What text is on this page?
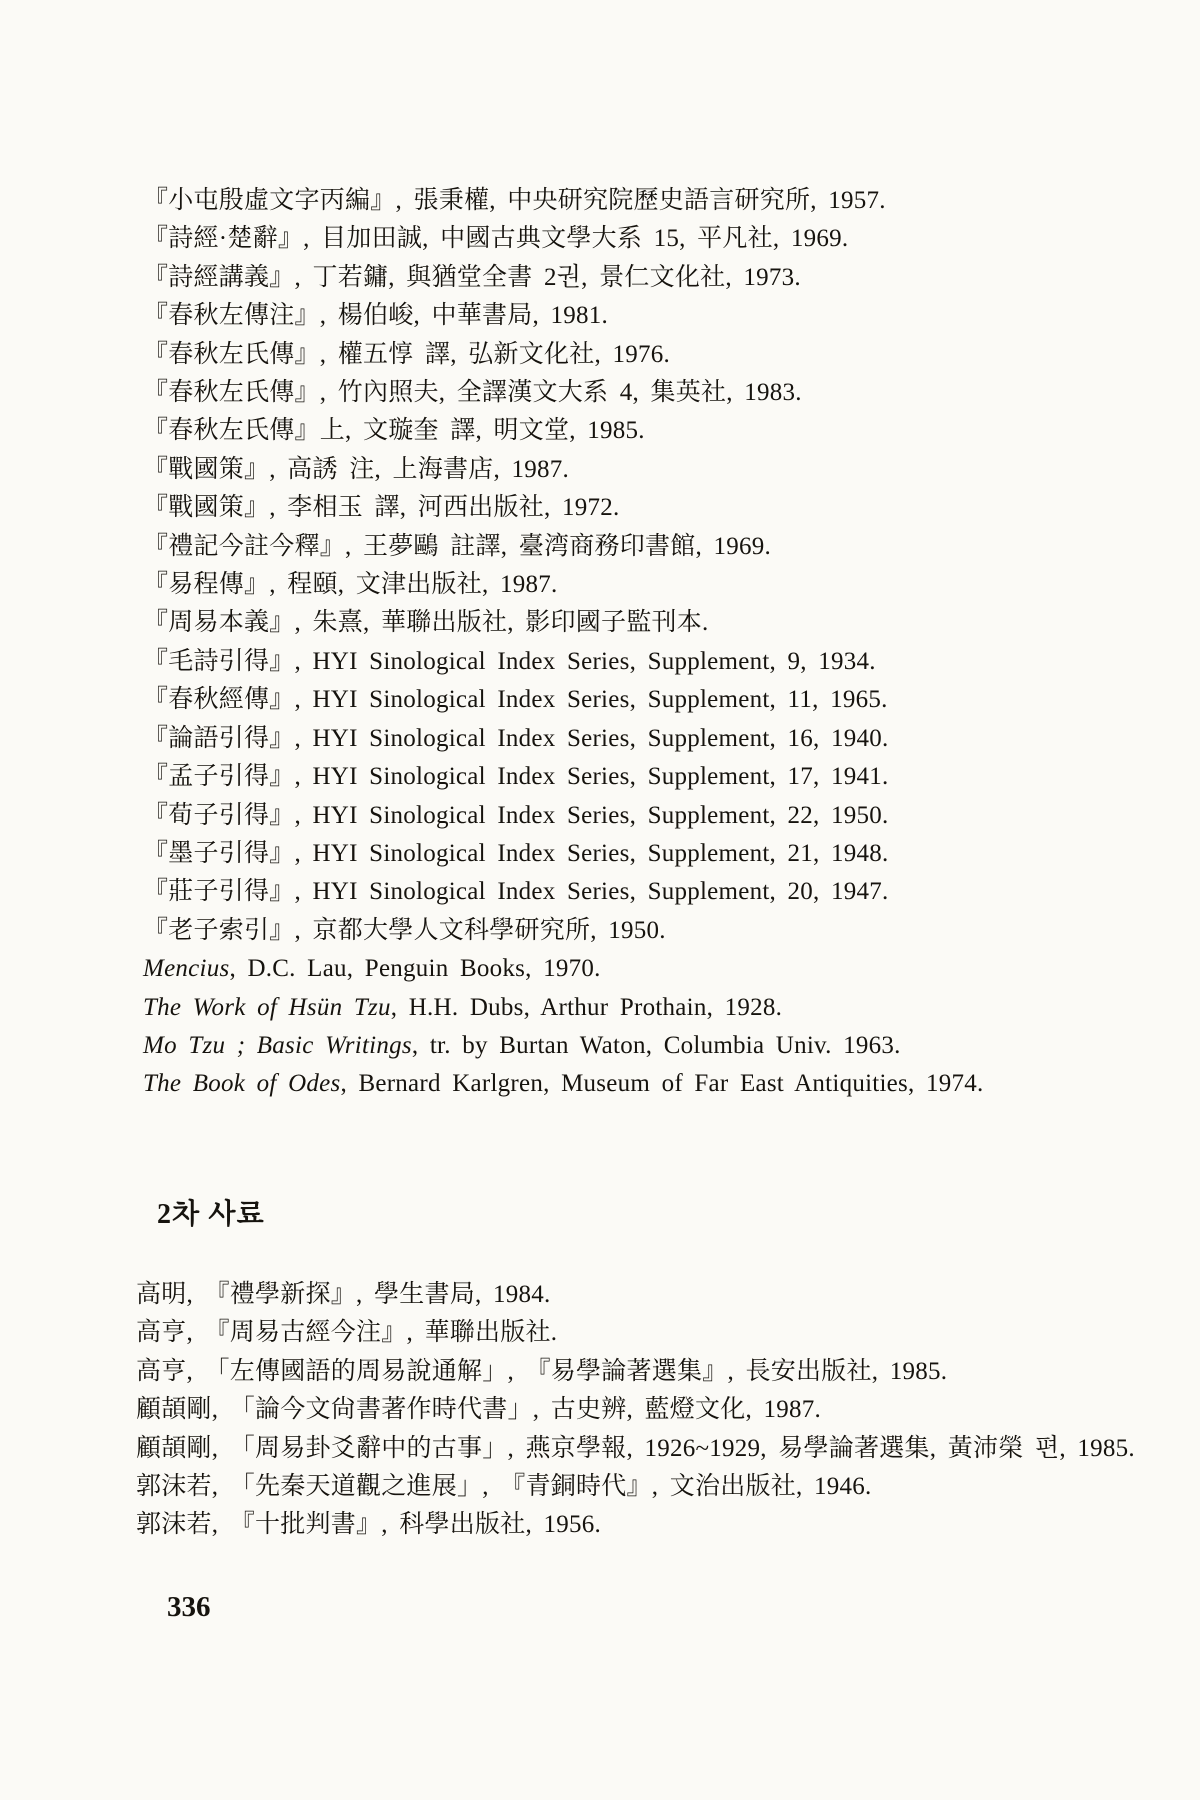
『小屯殷虛文字丙編』, 張秉權, 中央研究院歷史語言研究所, 1957.
『詩經·楚辭』, 目加田誠, 中國古典文學大系 15, 平凡社, 1969.
『詩經講義』, 丁若鏞, 與猶堂全書 2권, 景仁文化社, 1973.
『春秋左傳注』, 楊伯峻, 中華書局, 1981.
『春秋左氏傳』, 權五惇 譯, 弘新文化社, 1976.
『春秋左氏傳』, 竹內照夫, 全譯漢文大系 4, 集英社, 1983.
『春秋左氏傳』上, 文璇奎 譯, 明文堂, 1985.
『戰國策』, 高誘 注, 上海書店, 1987.
『戰國策』, 李相玉 譯, 河西出版社, 1972.
『禮記今註今釋』, 王夢鷗 註譯, 臺湾商務印書館, 1969.
『易程傳』, 程頤, 文津出版社, 1987.
『周易本義』, 朱熹, 華聯出版社, 影印國子監刊本.
『毛詩引得』, HYI Sinological Index Series, Supplement, 9, 1934.
『春秋經傳』, HYI Sinological Index Series, Supplement, 11, 1965.
『論語引得』, HYI Sinological Index Series, Supplement, 16, 1940.
『孟子引得』, HYI Sinological Index Series, Supplement, 17, 1941.
『荀子引得』, HYI Sinological Index Series, Supplement, 22, 1950.
『墨子引得』, HYI Sinological Index Series, Supplement, 21, 1948.
『莊子引得』, HYI Sinological Index Series, Supplement, 20, 1947.
『老子索引』, 京都大學人文科學研究所, 1950.
Mencius, D.C. Lau, Penguin Books, 1970.
The Work of Hsün Tzu, H.H. Dubs, Arthur Prothain, 1928.
Mo Tzu ; Basic Writings, tr. by Burtan Waton, Columbia Univ. 1963.
The Book of Odes, Bernard Karlgren, Museum of Far East Antiquities, 1974.
2차 사료
高明, 『禮學新探』, 學生書局, 1984.
高亨, 『周易古經今注』, 華聯出版社.
高亨, 「左傳國語的周易說通解」, 『易學論著選集』, 長安出版社, 1985.
顧頡剛, 「論今文尙書著作時代書」, 古史辨, 藍燈文化, 1987.
顧頡剛, 「周易卦爻辭中的古事」, 燕京學報, 1926~1929, 易學論著選集, 黃沛榮 편, 1985.
郭沫若, 「先秦天道觀之進展」, 『青銅時代』, 文治出版社, 1946.
郭沫若, 『十批判書』, 科學出版社, 1956.
336
